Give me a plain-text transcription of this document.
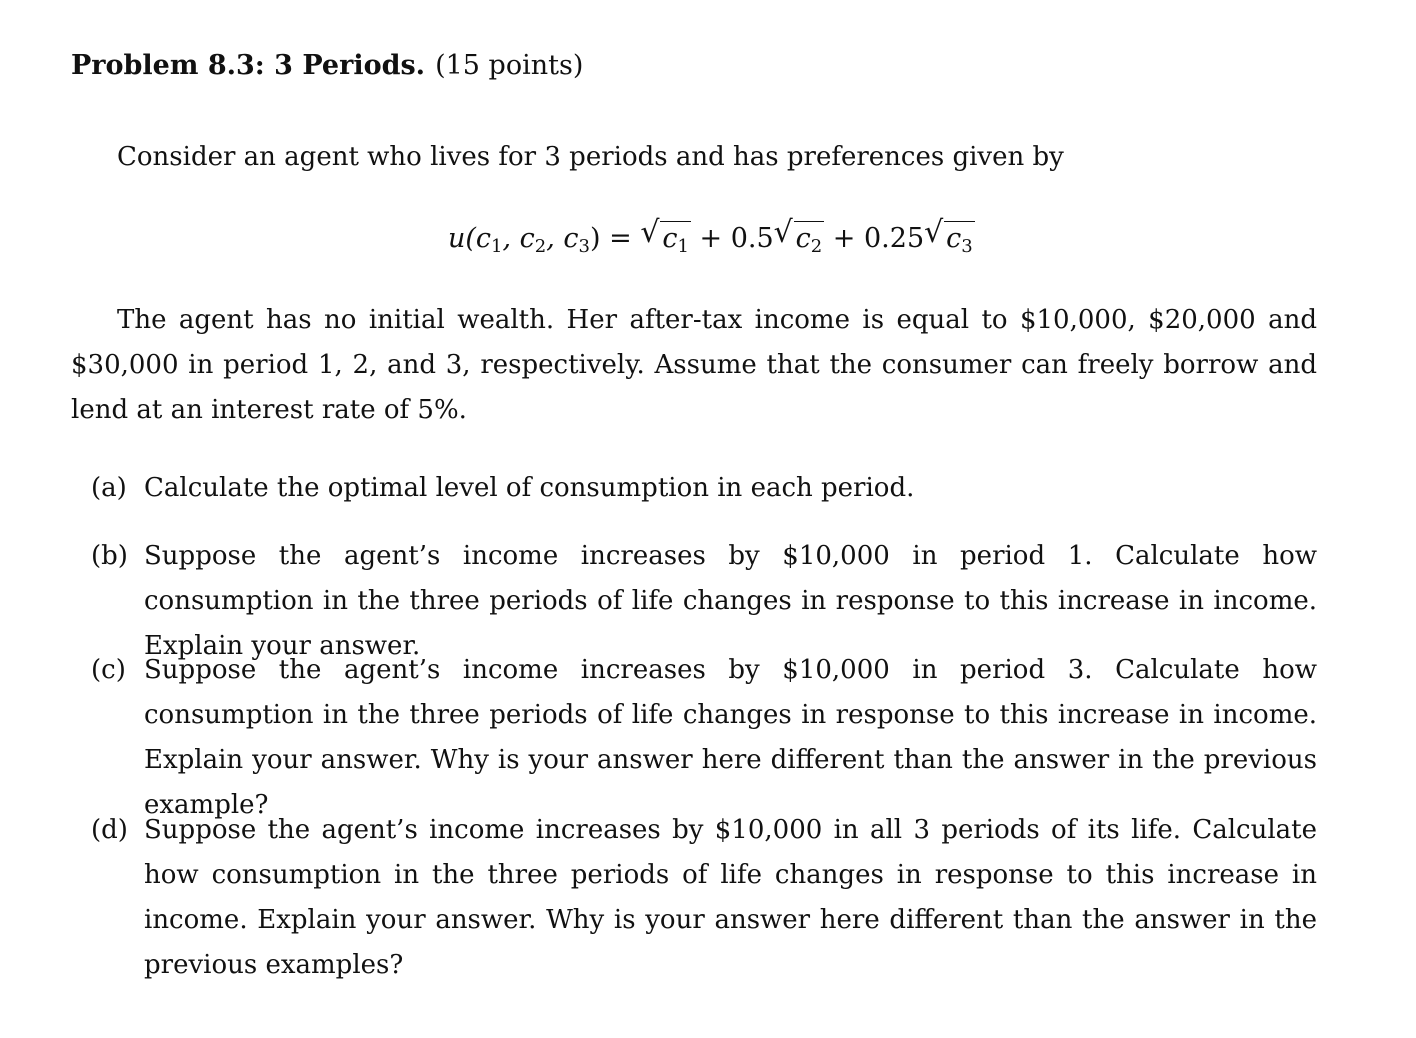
Problem 8.3: 3 Periods. (15 points)
Consider an agent who lives for 3 periods and has preferences given by
$u(c_1$, $c_2$, $c_3$) = √ $c_1 + 0.5$ √ $c_2 + 0.25$ √ $c_3$
The agent has no initial wealth. Her after-tax income is equal to $10,000, $20,000 and $30,000 in period 1, 2, and 3, respectively. Assume that the consumer can freely borrow and lend at an interest rate of 5%.
(a) Calculate the optimal level of consumption in each period.
(b) Suppose the agent’s income increases by $10,000 in period 1. Calculate how consumption in the three periods of life changes in response to this increase in income. Explain your answer.
(c) Suppose the agent’s income increases by $10,000 in period 3. Calculate how consumption in the three periods of life changes in response to this increase in income. Explain your answer. Why is your answer here different than the answer in the previous example?
(d) Suppose the agent’s income increases by $10,000 in all 3 periods of its life. Calculate how consumption in the three periods of life changes in response to this increase in income. Explain your answer. Why is your answer here different than the answer in the previous examples?
